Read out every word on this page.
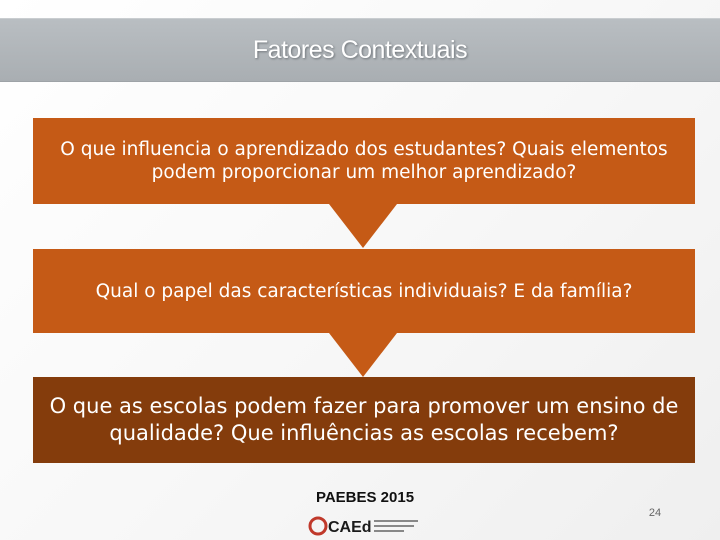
Fatores Contextuais
O que influencia o aprendizado dos estudantes? Quais elementos podem proporcionar um melhor aprendizado?
Qual o papel das características individuais? E da família?
O que as escolas podem fazer para promover um ensino de qualidade? Que influências as escolas recebem?
PAEBES 2015
CAEd
24
